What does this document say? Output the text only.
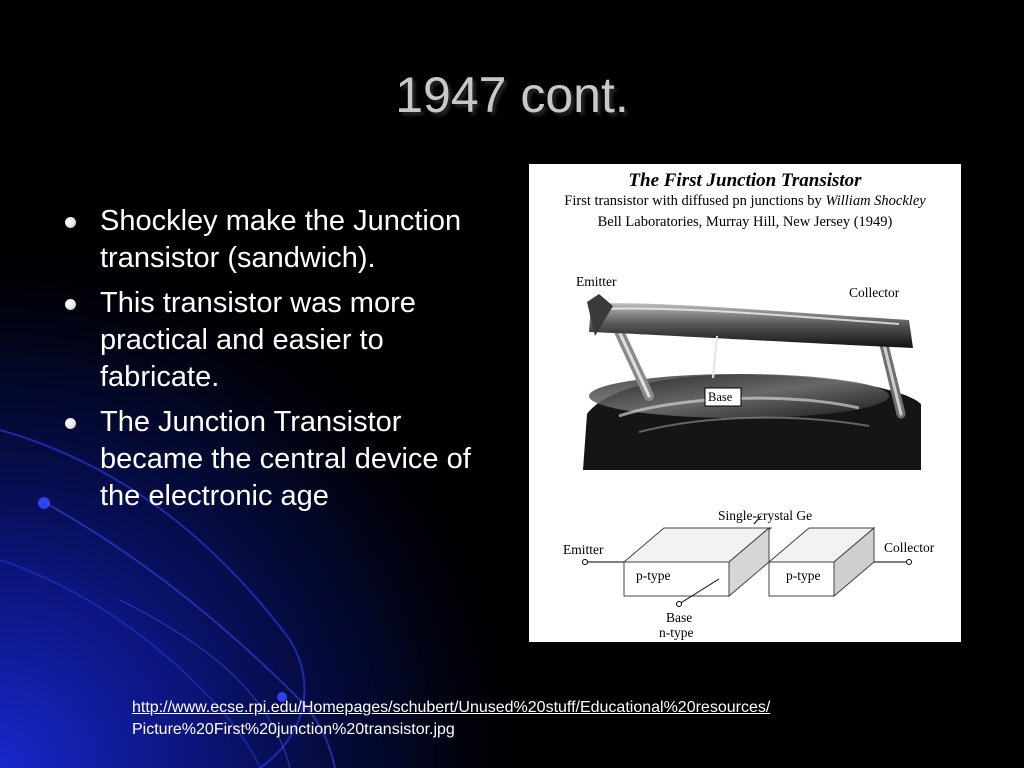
1947 cont.
Shockley make the Junction transistor (sandwich).
This transistor was more practical and easier to fabricate.
The Junction Transistor became the central device of the electronic age
The First Junction Transistor
First transistor with diffused pn junctions by William Shockley
Bell Laboratories, Murray Hill, New Jersey (1949)
Emitter
Collector
Base
Single-crystal Ge
Emitter	Collector
p-type	p-type
Base
n-type
http://www.ecse.rpi.edu/Homepages/schubert/Unused%20stuff/Educational%20resources/
Picture%20First%20junction%20transistor.jpg
